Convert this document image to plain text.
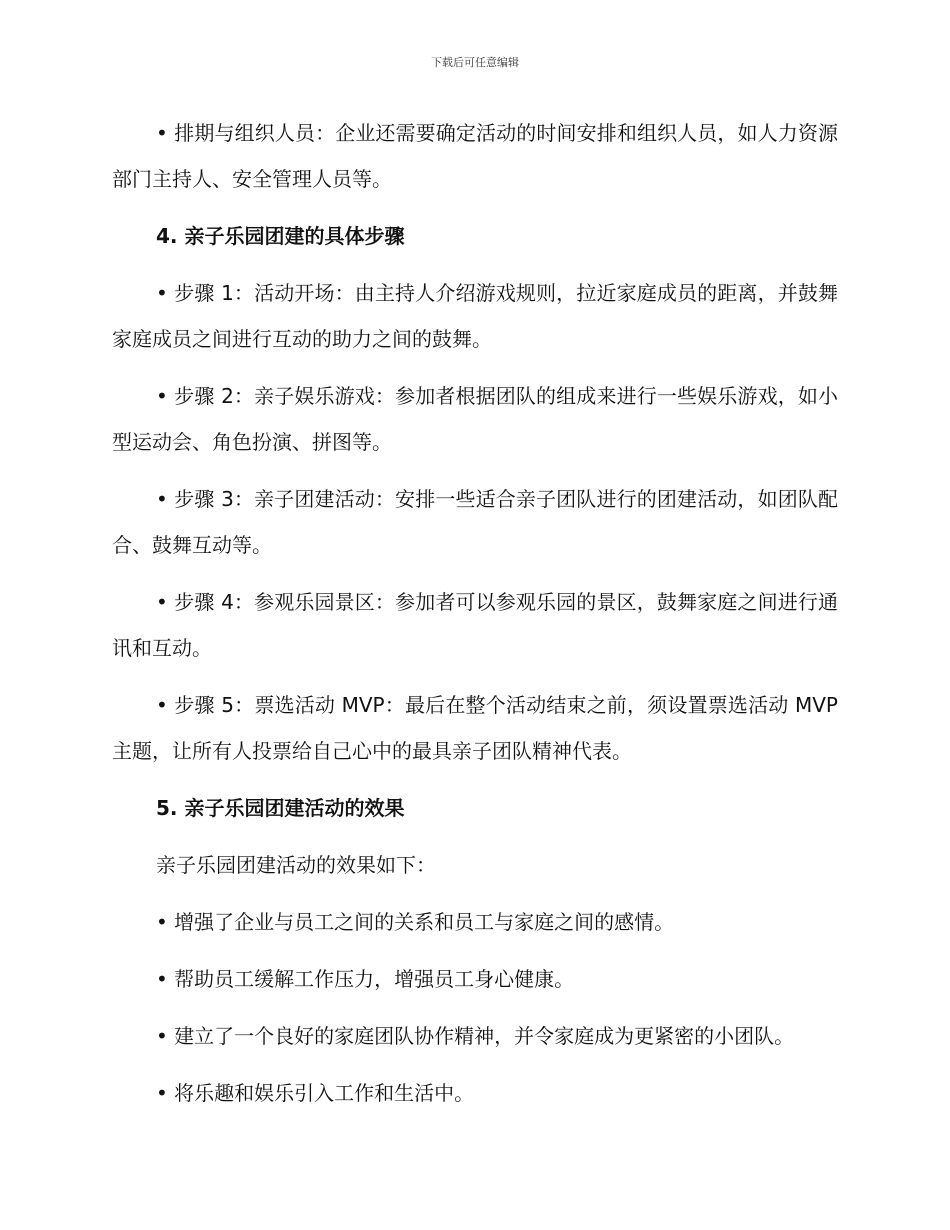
下载后可任意编辑

• 排期与组织人员：企业还需要确定活动的时间安排和组织人员，如人力资源部门主持人、安全管理人员等。

4. 亲子乐园团建的具体步骤

• 步骤 1：活动开场：由主持人介绍游戏规则，拉近家庭成员的距离，并鼓舞家庭成员之间进行互动的助力之间的鼓舞。

• 步骤 2：亲子娱乐游戏：参加者根据团队的组成来进行一些娱乐游戏，如小型运动会、角色扮演、拼图等。

• 步骤 3：亲子团建活动：安排一些适合亲子团队进行的团建活动，如团队配合、鼓舞互动等。

• 步骤 4：参观乐园景区：参加者可以参观乐园的景区，鼓舞家庭之间进行通讯和互动。

• 步骤 5：票选活动 MVP：最后在整个活动结束之前，须设置票选活动 MVP 主题，让所有人投票给自己心中的最具亲子团队精神代表。

5. 亲子乐园团建活动的效果

亲子乐园团建活动的效果如下：

• 增强了企业与员工之间的关系和员工与家庭之间的感情。

• 帮助员工缓解工作压力，增强员工身心健康。

• 建立了一个良好的家庭团队协作精神，并令家庭成为更紧密的小团队。

• 将乐趣和娱乐引入工作和生活中。
